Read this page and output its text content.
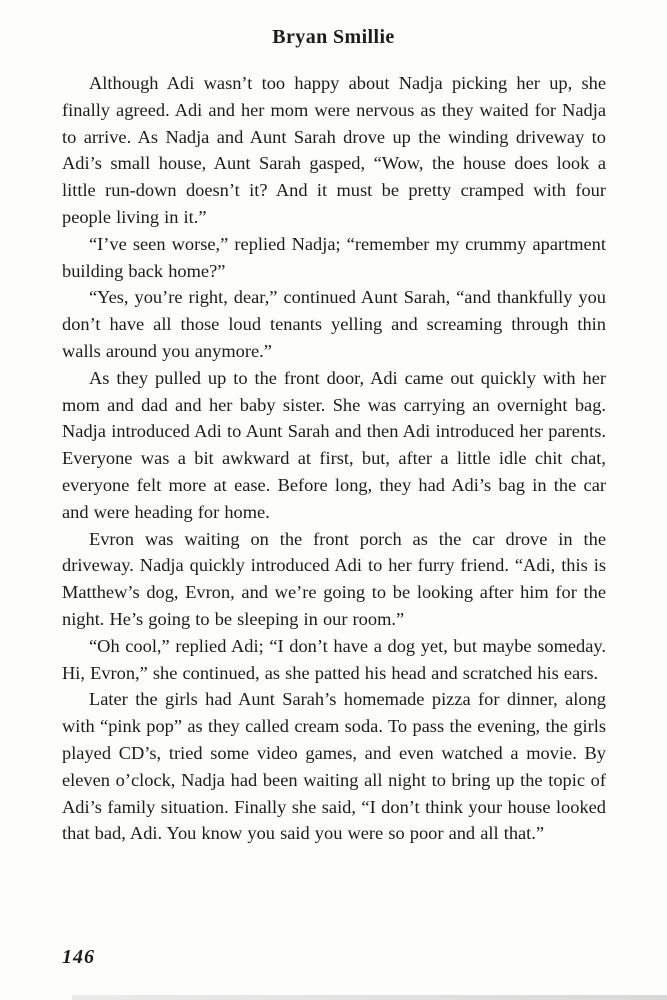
Bryan Smillie

Although Adi wasn’t too happy about Nadja picking her up, she finally agreed. Adi and her mom were nervous as they waited for Nadja to arrive. As Nadja and Aunt Sarah drove up the winding driveway to Adi’s small house, Aunt Sarah gasped, “Wow, the house does look a little run-down doesn’t it? And it must be pretty cramped with four people living in it.”

“I’ve seen worse,” replied Nadja; “remember my crummy apartment building back home?”

“Yes, you’re right, dear,” continued Aunt Sarah, “and thankfully you don’t have all those loud tenants yelling and screaming through thin walls around you anymore.”

As they pulled up to the front door, Adi came out quickly with her mom and dad and her baby sister. She was carrying an overnight bag. Nadja introduced Adi to Aunt Sarah and then Adi introduced her parents. Everyone was a bit awkward at first, but, after a little idle chit chat, everyone felt more at ease. Before long, they had Adi’s bag in the car and were heading for home.

Evron was waiting on the front porch as the car drove in the driveway. Nadja quickly introduced Adi to her furry friend. “Adi, this is Matthew’s dog, Evron, and we’re going to be looking after him for the night. He’s going to be sleeping in our room.”

“Oh cool,” replied Adi; “I don’t have a dog yet, but maybe someday. Hi, Evron,” she continued, as she patted his head and scratched his ears.

Later the girls had Aunt Sarah’s homemade pizza for dinner, along with “pink pop” as they called cream soda. To pass the evening, the girls played CD’s, tried some video games, and even watched a movie. By eleven o’clock, Nadja had been waiting all night to bring up the topic of Adi’s family situation. Finally she said, “I don’t think your house looked that bad, Adi. You know you said you were so poor and all that.”

146
